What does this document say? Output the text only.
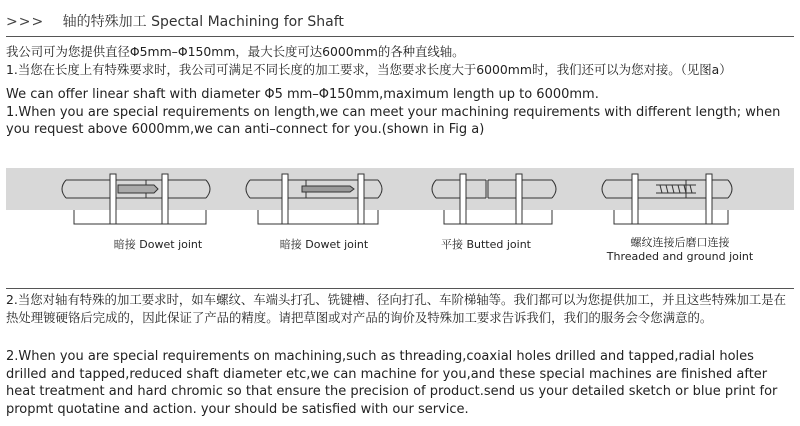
>>> 轴的特殊加工 Spectal Machining for Shaft
我公司可为您提供直径Φ5mm–Φ150mm，最大长度可达6000mm的各种直线轴。
1.当您在长度上有特殊要求时，我公司可满足不同长度的加工要求，当您要求长度大于6000mm时，我们还可以为您对接。（见图a）
We can offer linear shaft with diameter Φ5 mm–Φ150mm,maximum length up to 6000mm.
1.When you are special requirements on length,we can meet your machining requirements with different length; when you request above 6000mm,we can anti–connect for you.(shown in Fig a)
暗接 Dowet joint	暗接 Dowet joint	平接 Butted joint	螺纹连接后磨口连接
Threaded and ground joint
2.当您对轴有特殊的加工要求时，如车螺纹、车端头打孔、铣键槽、径向打孔、车阶梯轴等。我们都可以为您提供加工，并且这些特殊加工是在热处理镀硬铬后完成的，因此保证了产品的精度。请把草图或对产品的询价及特殊加工要求告诉我们，我们的服务会令您满意的。
2.When you are special requirements on machining,such as threading,coaxial holes drilled and tapped,radial holes drilled and tapped,reduced shaft diameter etc,we can machine for you,and these special machines are finished after heat treatment and hard chromic so that ensure the precision of product.send us your detailed sketch or blue print for propmt quotatine and action. your should be satisfied with our service.
